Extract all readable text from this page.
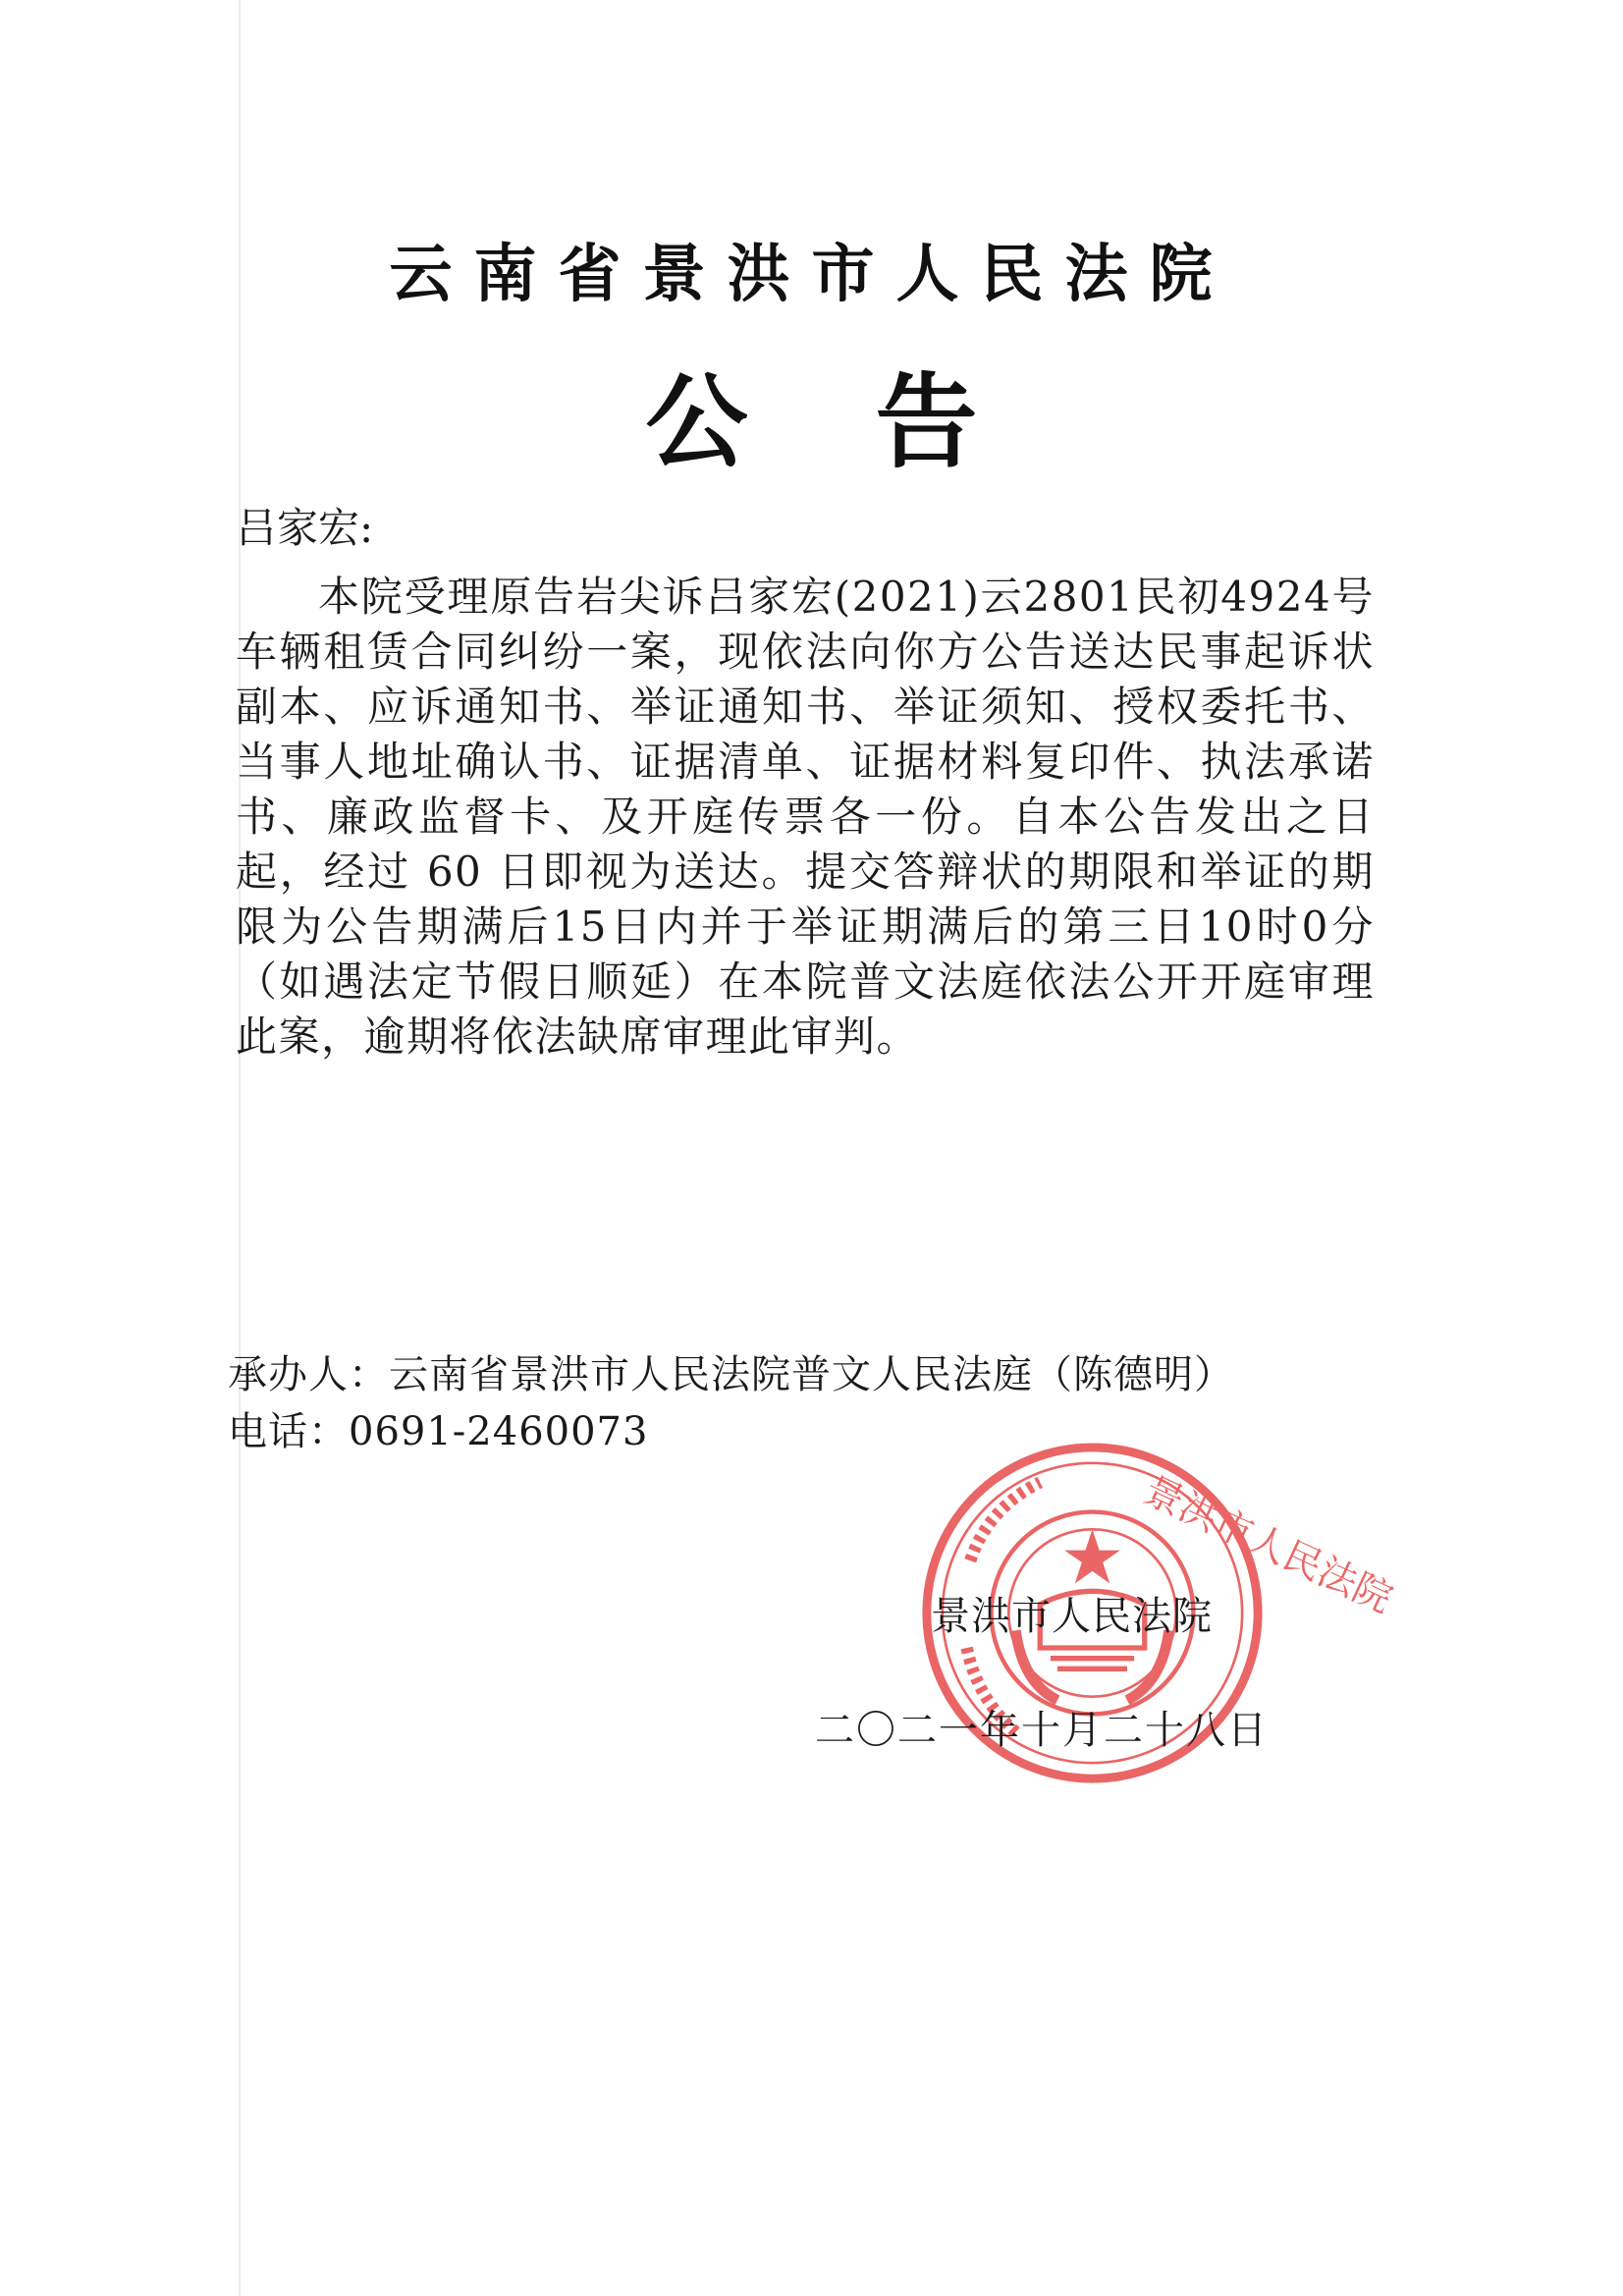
云南省景洪市人民法院
公告
吕家宏:
本院受理原告岩尖诉吕家宏(2021)云2801民初4924号车辆租赁合同纠纷一案，现依法向你方公告送达民事起诉状副本、应诉通知书、举证通知书、举证须知、授权委托书、当事人地址确认书、证据清单、证据材料复印件、执法承诺书、廉政监督卡、及开庭传票各一份。自本公告发出之日起，经过 60 日即视为送达。提交答辩状的期限和举证的期限为公告期满后15日内并于举证期满后的第三日10时0分（如遇法定节假日顺延）在本院普文法庭依法公开开庭审理此案，逾期将依法缺席审理此审判。
承办人：云南省景洪市人民法院普文人民法庭（陈德明）
电话：0691-2460073
景洪市人民法院
景洪市人民法院
二〇二一年十月二十八日
